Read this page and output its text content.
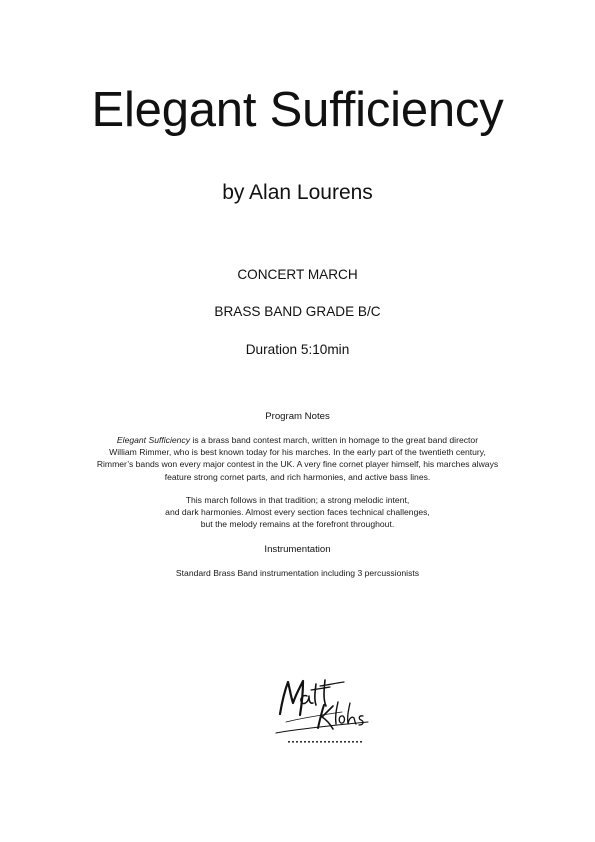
Elegant Sufficiency
by Alan Lourens
CONCERT MARCH
BRASS BAND GRADE B/C
Duration 5:10min
Program Notes
Elegant Sufficiency is a brass band contest march, written in homage to the great band director
William Rimmer, who is best known today for his marches. In the early part of the twentieth century,
Rimmer’s bands won every major contest in the UK. A very fine cornet player himself, his marches always
feature strong cornet parts, and rich harmonies, and active bass lines.
This march follows in that tradition; a strong melodic intent,
and dark harmonies. Almost every section faces technical challenges,
but the melody remains at the forefront throughout.
Instrumentation
Standard Brass Band instrumentation including 3 percussionists
